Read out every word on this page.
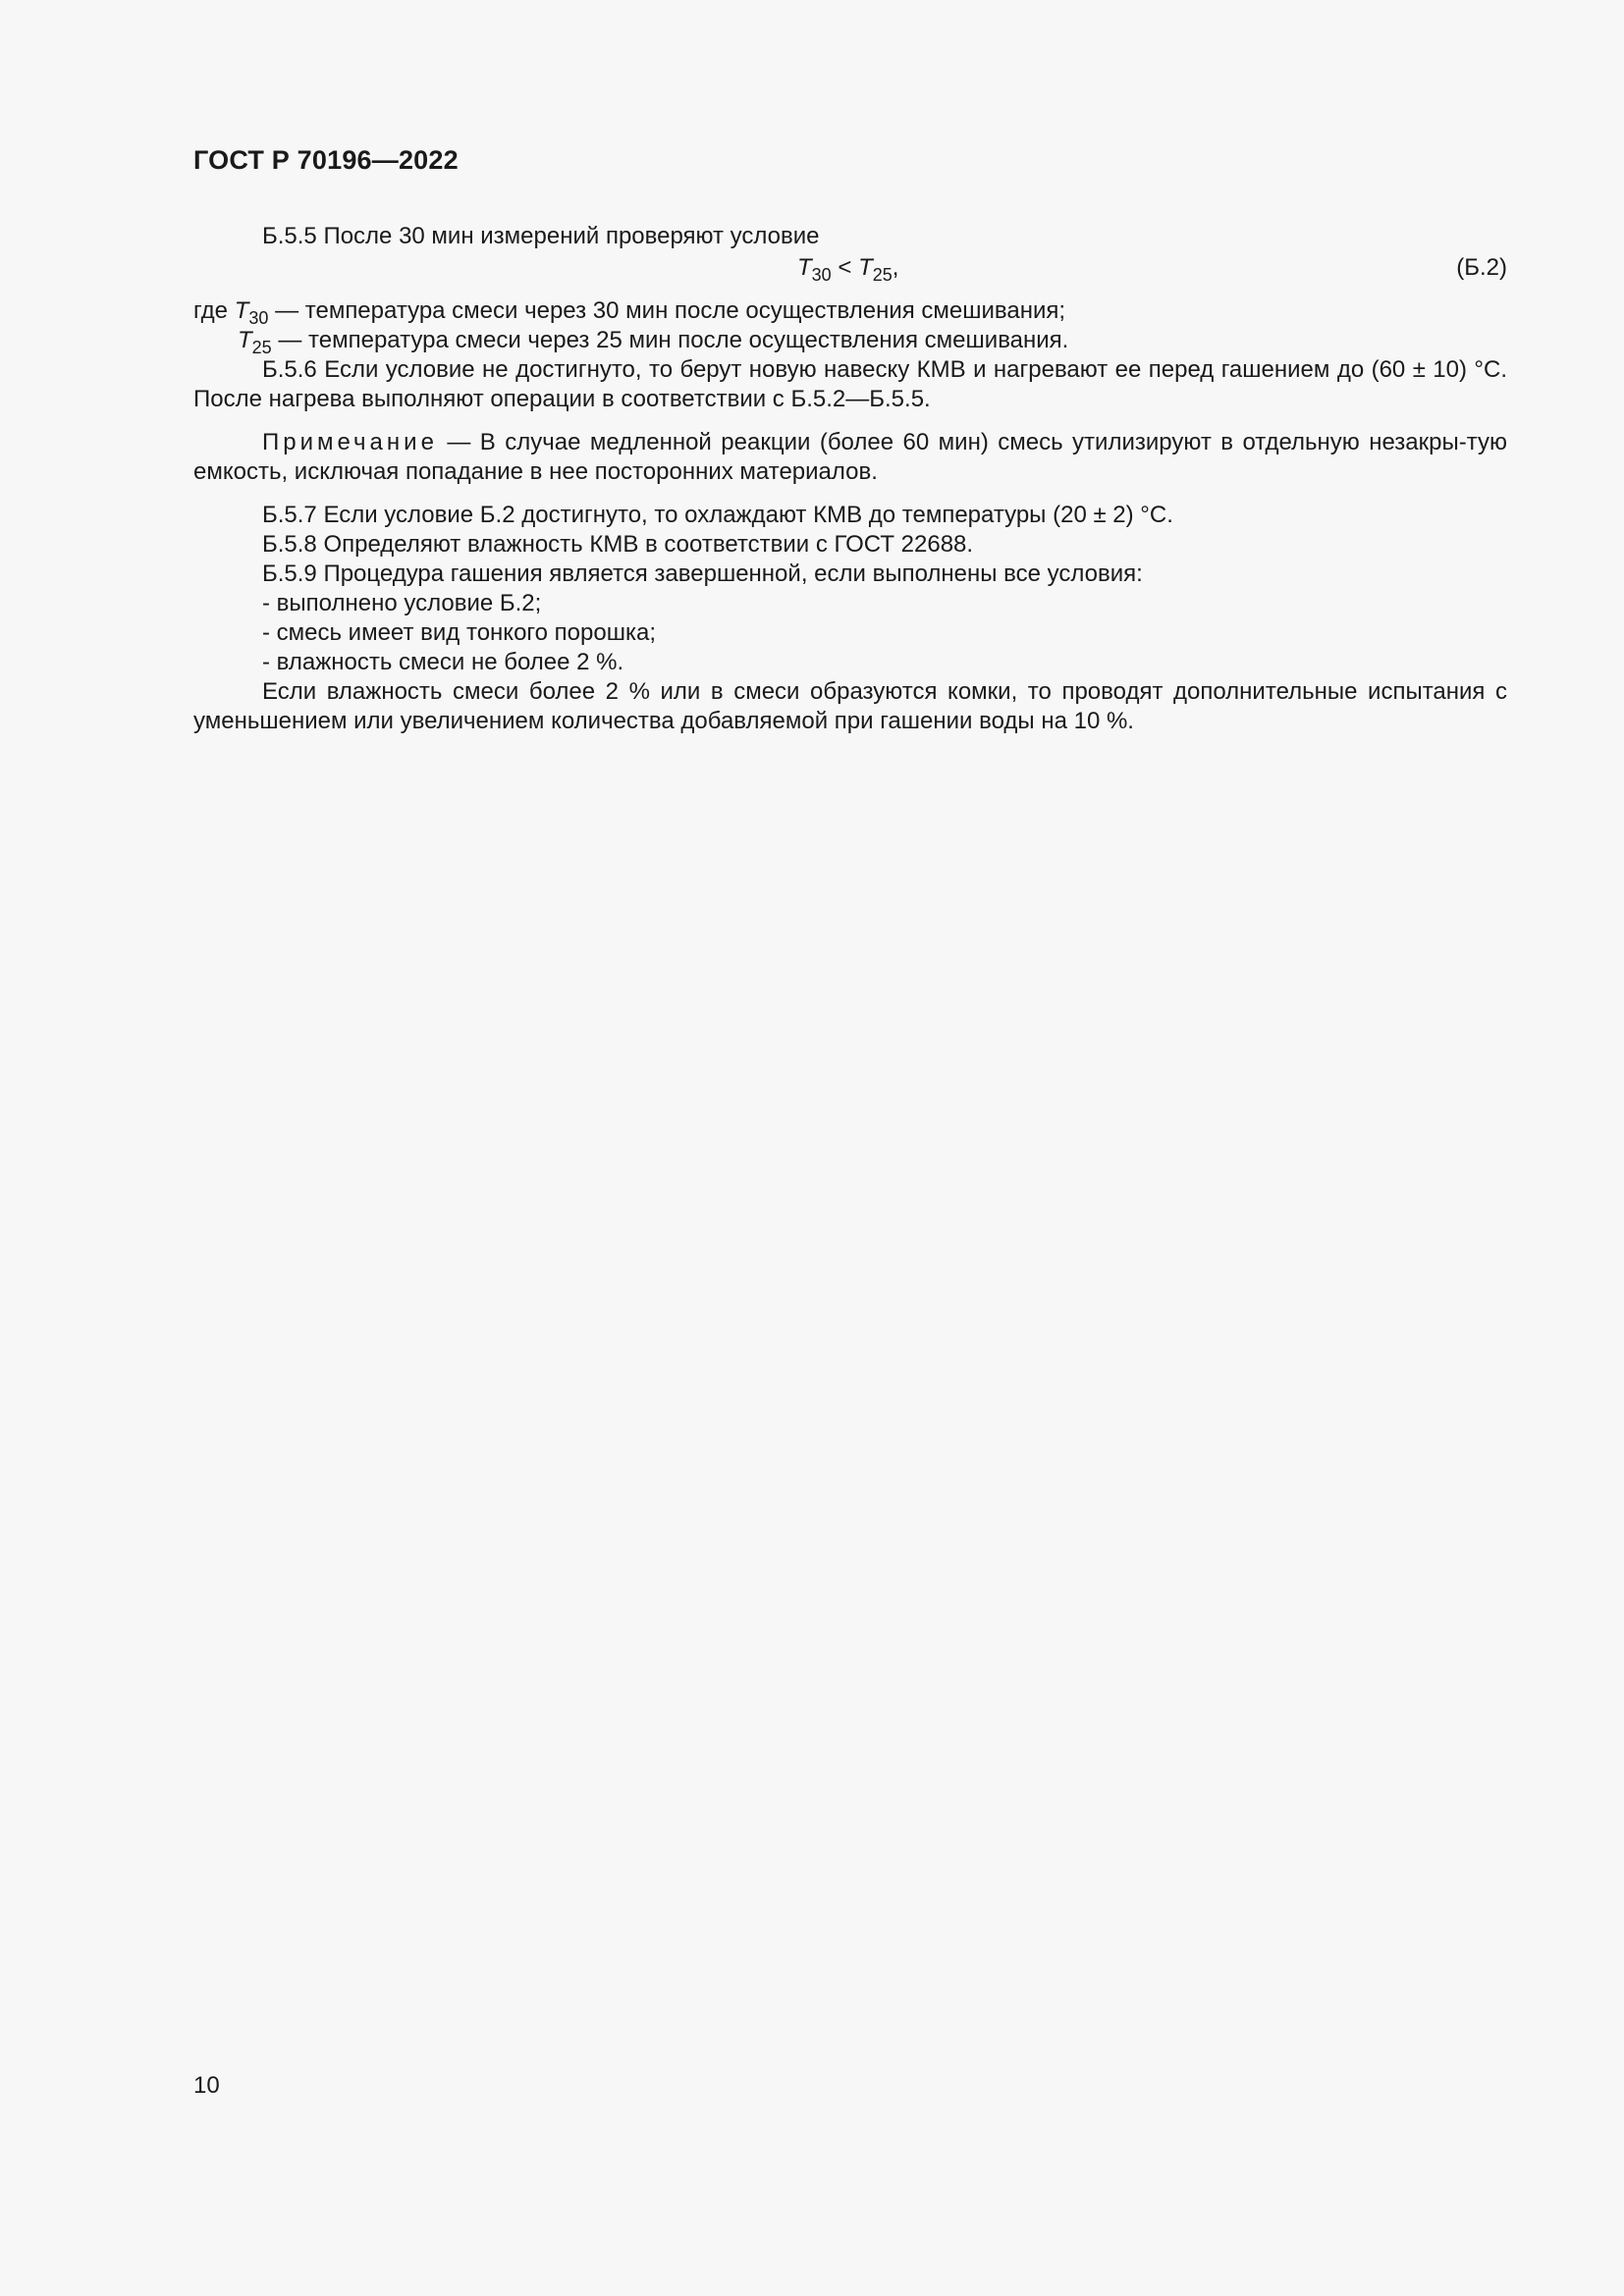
ГОСТ Р 70196—2022

Б.5.5 После 30 мин измерений проверяют условие

$T_{30} < T_{25}$,	(Б.2)

где $T_{30}$ — температура смеси через 30 мин после осуществления смешивания;

$T_{25}$ — температура смеси через 25 мин после осуществления смешивания.

Б.5.6 Если условие не достигнуто, то берут новую навеску КМВ и нагревают ее перед гашением до (60 ± 10) °С. После нагрева выполняют операции в соответствии с Б.5.2—Б.5.5.

Примечание — В случае медленной реакции (более 60 мин) смесь утилизируют в отдельную незакры-тую емкость, исключая попадание в нее посторонних материалов.

Б.5.7 Если условие Б.2 достигнуто, то охлаждают КМВ до температуры (20 ± 2) °С.

Б.5.8 Определяют влажность КМВ в соответствии с ГОСТ 22688.

Б.5.9 Процедура гашения является завершенной, если выполнены все условия:

- выполнено условие Б.2;

- смесь имеет вид тонкого порошка;

- влажность смеси не более 2 %.

Если влажность смеси более 2 % или в смеси образуются комки, то проводят дополнительные испытания с уменьшением или увеличением количества добавляемой при гашении воды на 10 %.

10
